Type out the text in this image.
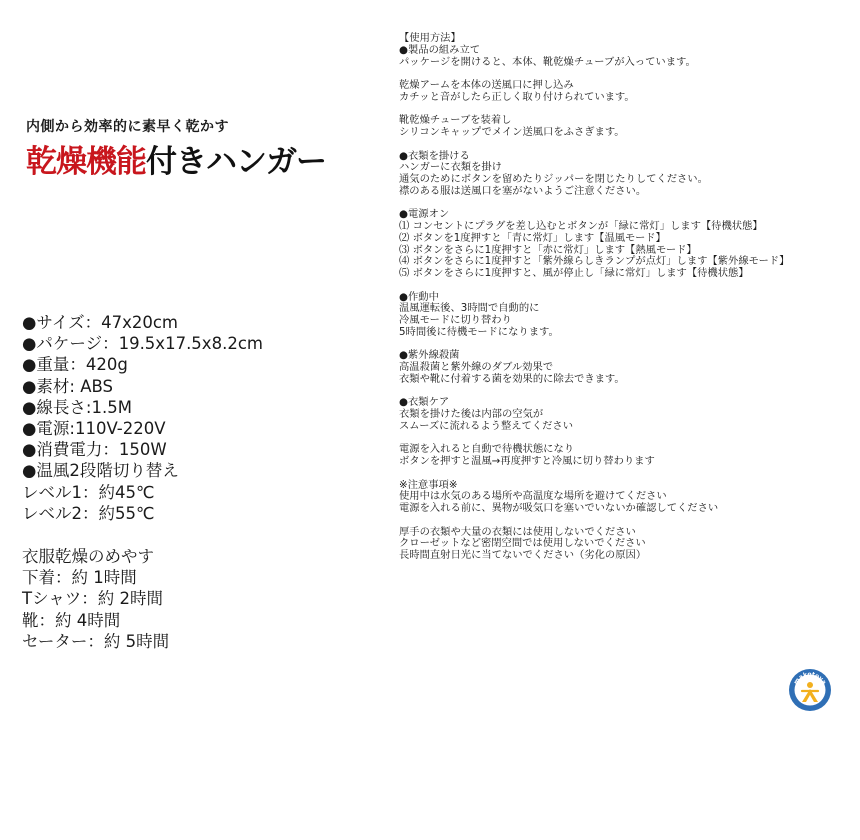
内側から効率的に素早く乾かす
乾燥機能付きハンガー
●サイズ：47x20cm
●パケージ：19.5x17.5x8.2cm
●重量：420g
●素材: ABS
●線長さ:1.5M
●電源:110V-220V
●消費電力：150W
●温風2段階切り替え
レベル1：約45℃
レベル2：約55℃
衣服乾燥のめやす
下着：約 1時間
Tシャツ：約 2時間
靴：約 4時間
セーター：約 5時間
【使用方法】
●製品の組み立て
パッケージを開けると、本体、靴乾燥チューブが入っています。
乾燥アームを本体の送風口に押し込み
カチッと音がしたら正しく取り付けられています。
靴乾燥チューブを装着し
シリコンキャップでメイン送風口をふさぎます。
●衣類を掛ける
ハンガーに衣類を掛け
通気のためにボタンを留めたりジッパーを閉じたりしてください。
襟のある服は送風口を塞がないようご注意ください。
●電源オン
⑴ コンセントにプラグを差し込むとボタンが「緑に常灯」します【待機状態】
⑵ ボタンを1度押すと「青に常灯」します【温風モード】
⑶ ボタンをさらに1度押すと「赤に常灯」します【熱風モード】
⑷ ボタンをさらに1度押すと「紫外線らしきランプが点灯」します【紫外線モード】
⑸ ボタンをさらに1度押すと、風が停止し「緑に常灯」します【待機状態】
●作動中
温風運転後、3時間で自動的に
冷風モードに切り替わり
5時間後に待機モードになります。
●紫外線殺菌
高温殺菌と紫外線のダブル効果で
衣類や靴に付着する菌を効果的に除去できます。
●衣類ケア
衣類を掛けた後は内部の空気が
スムーズに流れるよう整えてください
電源を入れると自動で待機状態になり
ボタンを押すと温風→再度押すと冷風に切り替わります
※注意事項※
使用中は水気のある場所や高温度な場所を避けてください
電源を入れる前に、異物が吸気口を塞いでいないか確認してください
厚手の衣類や大量の衣類には使用しないでください
クローゼットなど密閉空間では使用しないでください
長時間直射日光に当てないでください（劣化の原因）
makotoya
